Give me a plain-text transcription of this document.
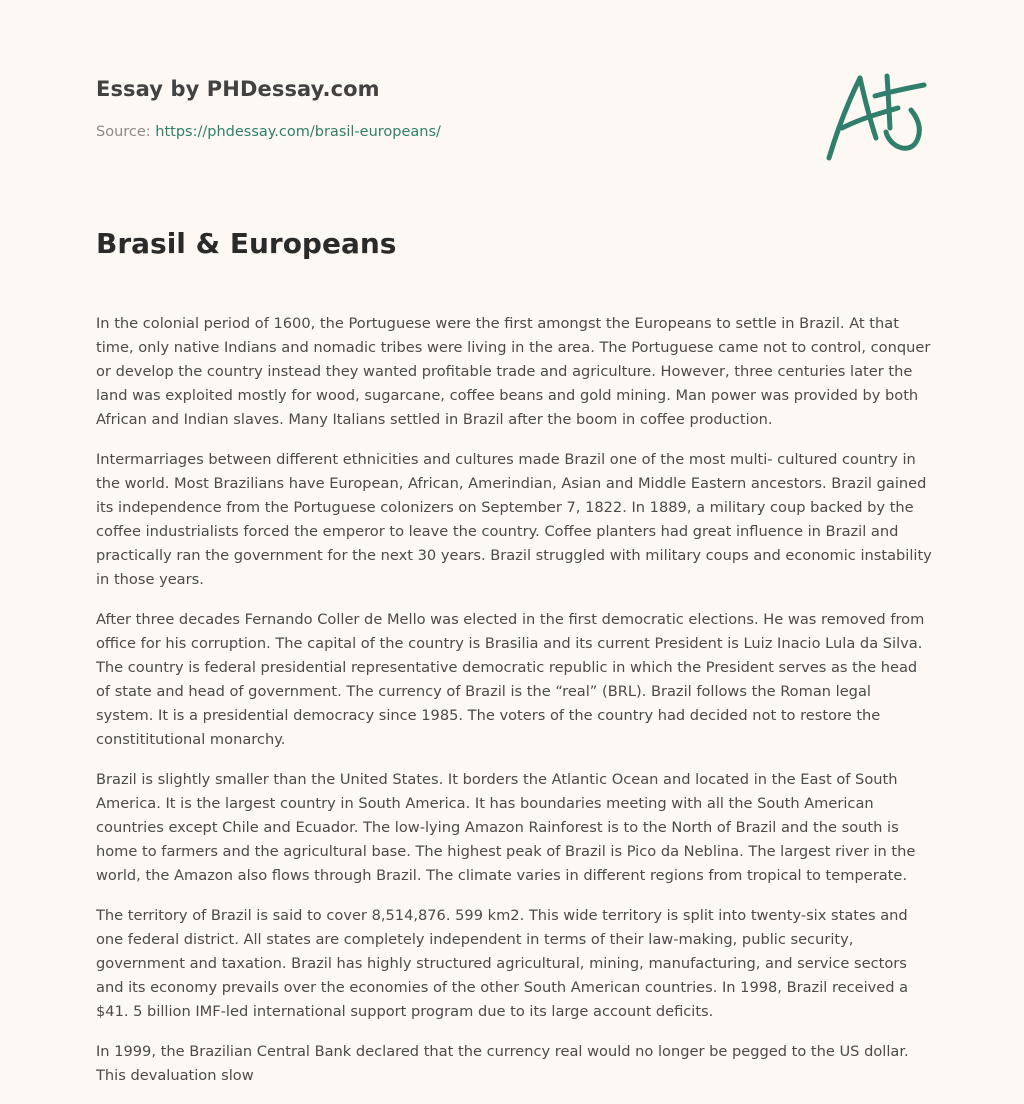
Essay by PHDessay.com
Source: https://phdessay.com/brasil-europeans/
Brasil & Europeans

In the colonial period of 1600, the Portuguese were the first amongst the Europeans to settle in Brazil. At that time, only native Indians and nomadic tribes were living in the area. The Portuguese came not to control, conquer or develop the country instead they wanted profitable trade and agriculture. However, three centuries later the land was exploited mostly for wood, sugarcane, coffee beans and gold mining. Man power was provided by both African and Indian slaves. Many Italians settled in Brazil after the boom in coffee production.

Intermarriages between different ethnicities and cultures made Brazil one of the most multi- cultured country in the world. Most Brazilians have European, African, Amerindian, Asian and Middle Eastern ancestors. Brazil gained its independence from the Portuguese colonizers on September 7, 1822. In 1889, a military coup backed by the coffee industrialists forced the emperor to leave the country. Coffee planters had great influence in Brazil and practically ran the government for the next 30 years. Brazil struggled with military coups and economic instability in those years.

After three decades Fernando Coller de Mello was elected in the first democratic elections. He was removed from office for his corruption. The capital of the country is Brasilia and its current President is Luiz Inacio Lula da Silva. The country is federal presidential representative democratic republic in which the President serves as the head of state and head of government. The currency of Brazil is the “real” (BRL). Brazil follows the Roman legal system. It is a presidential democracy since 1985. The voters of the country had decided not to restore the constititutional monarchy.

Brazil is slightly smaller than the United States. It borders the Atlantic Ocean and located in the East of South America. It is the largest country in South America. It has boundaries meeting with all the South American countries except Chile and Ecuador. The low-lying Amazon Rainforest is to the North of Brazil and the south is home to farmers and the agricultural base. The highest peak of Brazil is Pico da Neblina. The largest river in the world, the Amazon also flows through Brazil. The climate varies in different regions from tropical to temperate.

The territory of Brazil is said to cover 8,514,876. 599 km2. This wide territory is split into twenty-six states and one federal district. All states are completely independent in terms of their law-making, public security, government and taxation. Brazil has highly structured agricultural, mining, manufacturing, and service sectors and its economy prevails over the economies of the other South American countries. In 1998, Brazil received a $41. 5 billion IMF-led international support program due to its large account deficits.

In 1999, the Brazilian Central Bank declared that the currency real would no longer be pegged to the US dollar. This devaluation slow
